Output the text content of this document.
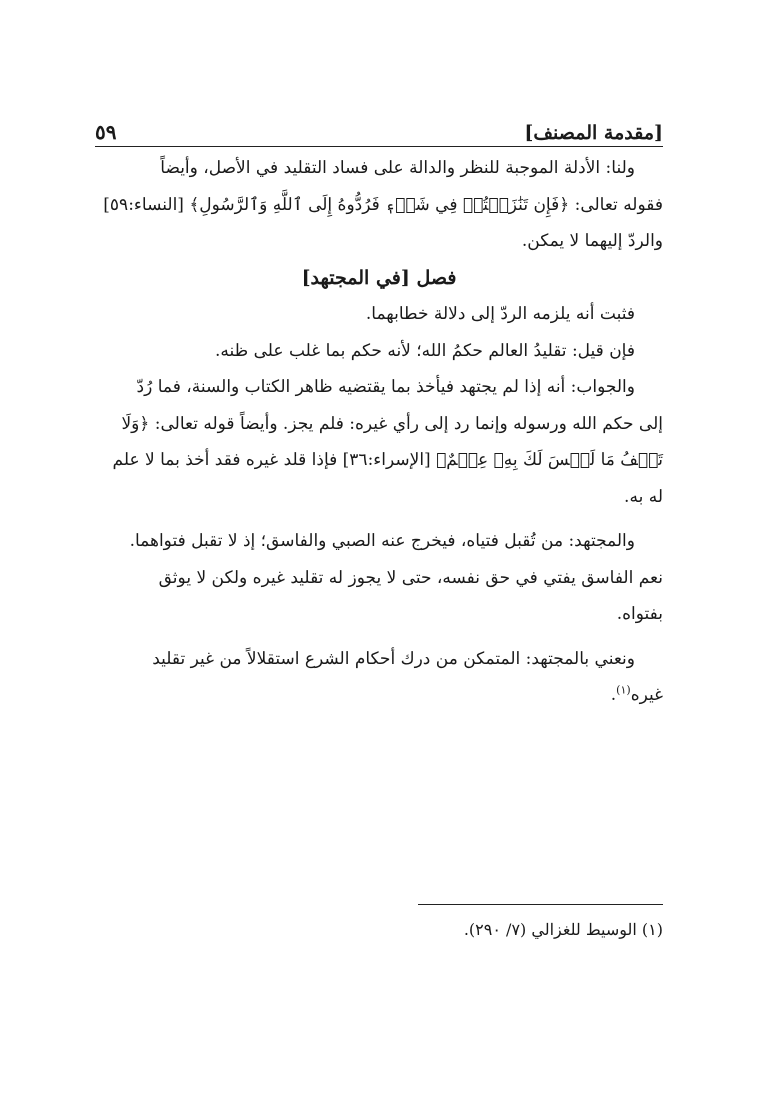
[مقدمة المصنف]
٥٩

ولنا: الأدلة الموجبة للنظر والدالة على فساد التقليد في الأصل، وأيضاً

فقوله تعالى: ﴿فَإِن تَنَٰزَعۡتُمۡ فِي شَيۡءٖ فَرُدُّوهُ إِلَى ٱللَّهِ وَٱلرَّسُولِ﴾ [النساء:٥٩]

والردّ إليهما لا يمكن.

فصل [في المجتهد]

فثبت أنه يلزمه الردّ إلى دلالة خطابهما.

فإن قيل: تقليدُ العالم حكمُ الله؛ لأنه حكم بما غلب على ظنه.

والجواب: أنه إذا لم يجتهد فيأخذ بما يقتضيه ظاهر الكتاب والسنة، فما رُدّ

إلى حكم الله ورسوله وإنما رد إلى رأي غيره: فلم يجز. وأيضاً قوله تعالى: ﴿وَلَا

تَقۡفُ مَا لَيۡسَ لَكَ بِهِۦ عِلۡمٌ﴾ [الإسراء:٣٦] فإذا قلد غيره فقد أخذ بما لا علم

له به.

والمجتهد: من تُقبل فتياه، فيخرج عنه الصبي والفاسق؛ إذ لا تقبل فتواهما.

نعم الفاسق يفتي في حق نفسه، حتى لا يجوز له تقليد غيره ولكن لا يوثق

بفتواه.

ونعني بالمجتهد: المتمكن من درك أحكام الشرع استقلالاً من غير تقليد

غيره$^{(١)}$.

(١) الوسيط للغزالي (٧/ ٢٩٠).
